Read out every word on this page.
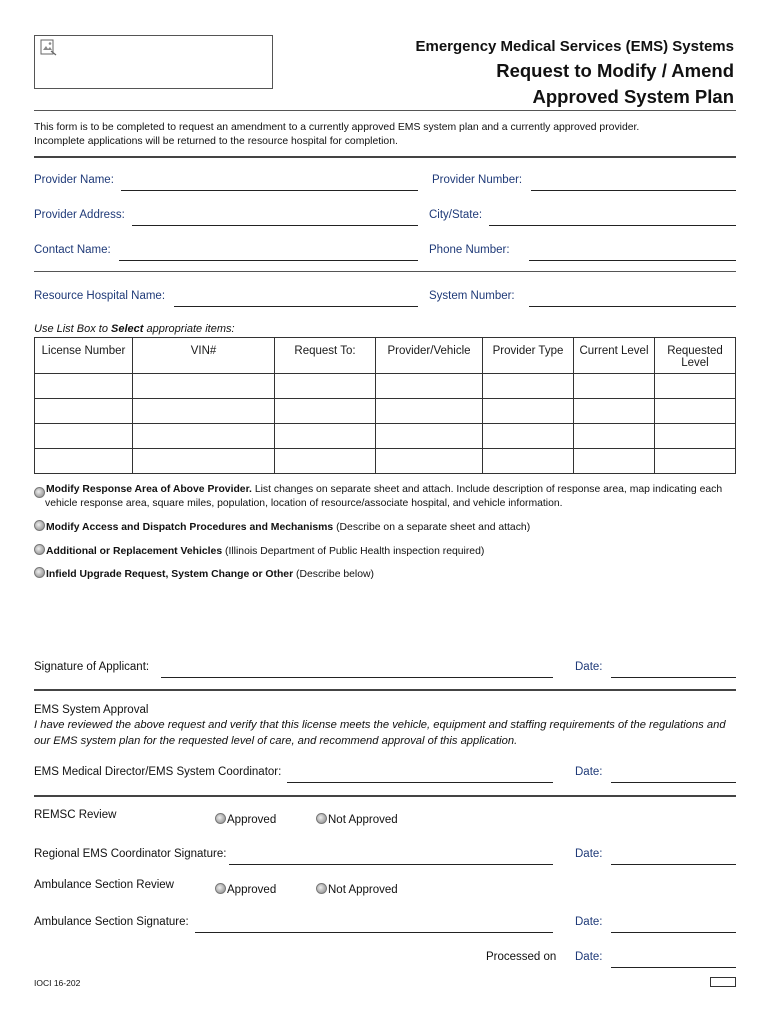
Emergency Medical Services (EMS) Systems
Request to Modify / Amend
Approved System Plan
This form is to be completed to request an amendment to a currently approved EMS system plan and a currently approved provider.
Incomplete applications will be returned to the resource hospital for completion.
Provider Name:	Provider Number:
Provider Address:	City/State:
Contact Name:	Phone Number:
Resource Hospital Name:	System Number:
Use List Box to Select appropriate items:
License Number	VIN#	Request To:	Provider/Vehicle	Provider Type	Current Level	Requested Level

Modify Response Area of Above Provider. List changes on separate sheet and attach. Include description of response area, map indicating each
vehicle response area, square miles, population, location of resource/associate hospital, and vehicle information.
Modify Access and Dispatch Procedures and Mechanisms (Describe on a separate sheet and attach)
Additional or Replacement Vehicles (Illinois Department of Public Health inspection required)
Infield Upgrade Request, System Change or Other (Describe below)
Signature of Applicant:	Date:
EMS System Approval
I have reviewed the above request and verify that this license meets the vehicle, equipment and staffing requirements of the regulations and
our EMS system plan for the requested level of care, and recommend approval of this application.
EMS Medical Director/EMS System Coordinator:	Date:
REMSC Review	Approved	Not Approved
Regional EMS Coordinator Signature:	Date:
Ambulance Section Review	Approved	Not Approved
Ambulance Section Signature:	Date:
Processed on Date:
IOCI 16-202
